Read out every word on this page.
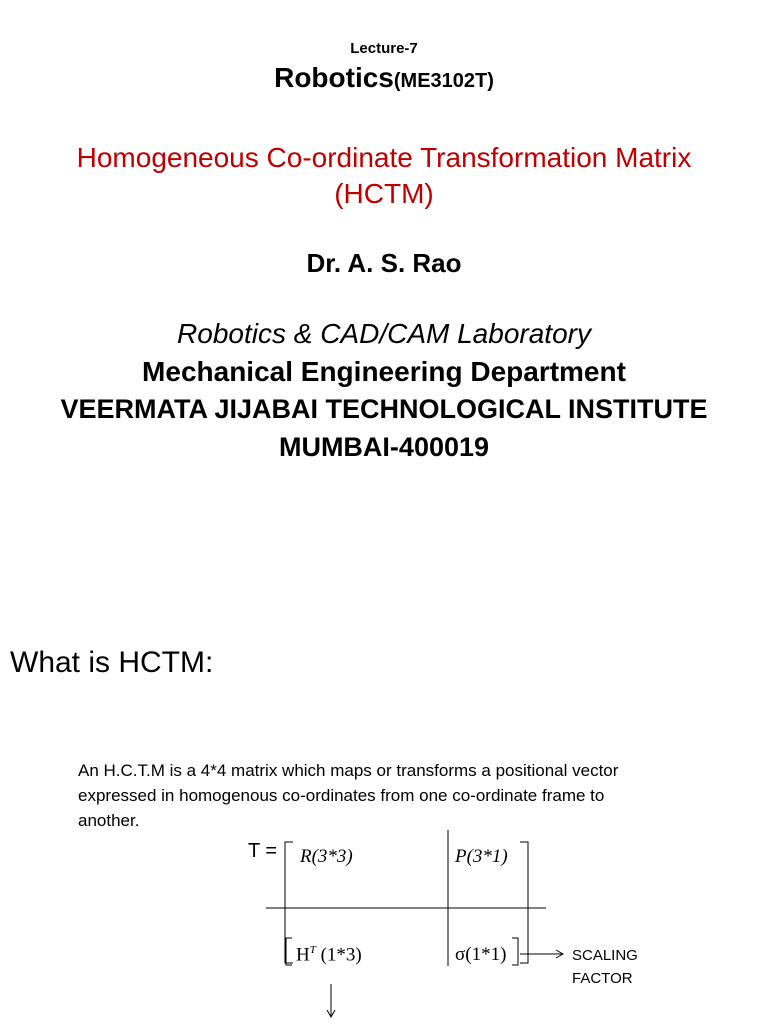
Lecture-7
Robotics(ME3102T)
Homogeneous Co-ordinate Transformation Matrix
(HCTM)
Dr. A. S. Rao
Robotics & CAD/CAM Laboratory
Mechanical Engineering Department
VEERMATA JIJABAI TECHNOLOGICAL INSTITUTE
MUMBAI-400019
What is HCTM:
An H.C.T.M is a 4*4 matrix which maps or transforms a positional vector expressed in homogenous co-ordinates from one co-ordinate frame to another.
T = R(3*3)	P(3*1)
$H^T$ (1*3)	σ(1*1)	SCALING
FACTOR
